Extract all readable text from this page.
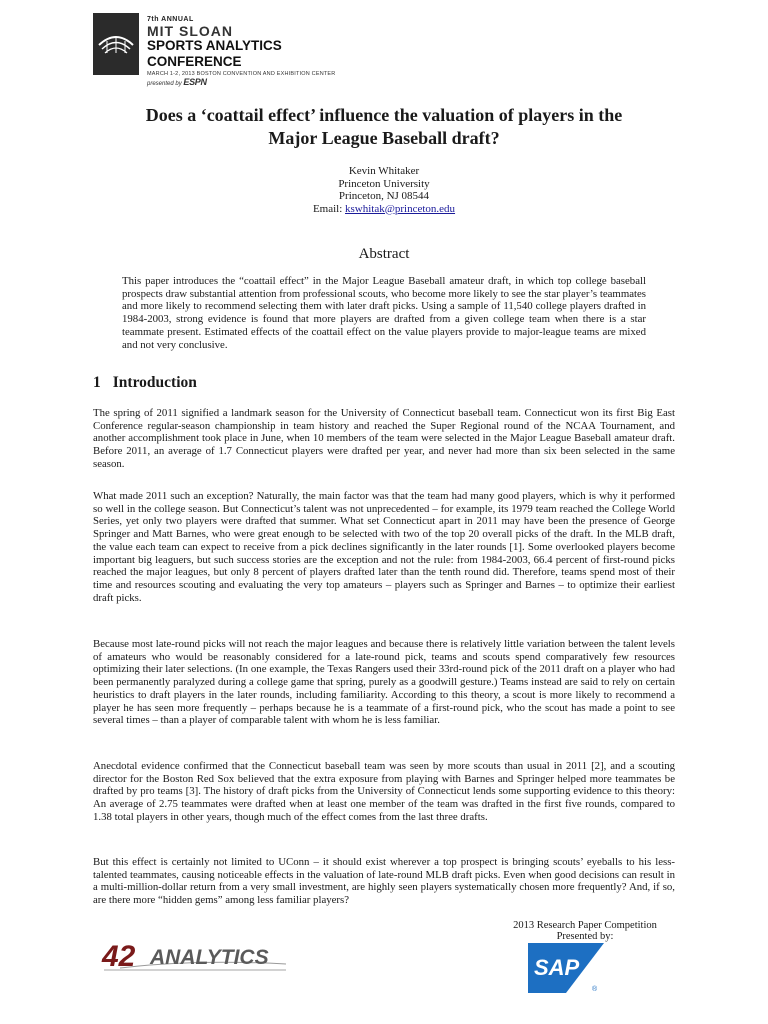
7th ANNUAL
MIT SLOAN
SPORTS ANALYTICS CONFERENCE
MARCH 1-2, 2013 BOSTON CONVENTION AND EXHIBITION CENTER
presented by ESPN
Does a ‘coattail effect’ influence the valuation of players in the
Major League Baseball draft?
Kevin Whitaker
Princeton University
Princeton, NJ 08544
Email: kswhitak@princeton.edu
Abstract

This paper introduces the “coattail effect” in the Major League Baseball amateur draft, in which top college baseball prospects draw substantial attention from professional scouts, who become more likely to see the star player’s teammates and more likely to recommend selecting them with later draft picks. Using a sample of 11,540 college players drafted in 1984-2003, strong evidence is found that more players are drafted from a given college team when there is a star teammate present. Estimated effects of the coattail effect on the value players provide to major-league teams are mixed and not very conclusive.

1 Introduction

The spring of 2011 signified a landmark season for the University of Connecticut baseball team. Connecticut won its first Big East Conference regular-season championship in team history and reached the Super Regional round of the NCAA Tournament, and another accomplishment took place in June, when 10 members of the team were selected in the Major League Baseball amateur draft. Before 2011, an average of 1.7 Connecticut players were drafted per year, and never had more than six been selected in the same season.

What made 2011 such an exception? Naturally, the main factor was that the team had many good players, which is why it performed so well in the college season. But Connecticut’s talent was not unprecedented – for example, its 1979 team reached the College World Series, yet only two players were drafted that summer. What set Connecticut apart in 2011 may have been the presence of George Springer and Matt Barnes, who were great enough to be selected with two of the top 20 overall picks of the draft. In the MLB draft, the value each team can expect to receive from a pick declines significantly in the later rounds [1]. Some overlooked players become important big leaguers, but such success stories are the exception and not the rule: from 1984-2003, 66.4 percent of first-round picks reached the major leagues, but only 8 percent of players drafted later than the tenth round did. Therefore, teams spend most of their time and resources scouting and evaluating the very top amateurs – players such as Springer and Barnes – to optimize their earliest draft picks.

Because most late-round picks will not reach the major leagues and because there is relatively little variation between the talent levels of amateurs who would be reasonably considered for a late-round pick, teams and scouts spend comparatively few resources optimizing their later selections. (In one example, the Texas Rangers used their 33rd-round pick of the 2011 draft on a player who had been permanently paralyzed during a college game that spring, purely as a goodwill gesture.) Teams instead are said to rely on certain heuristics to draft players in the later rounds, including familiarity. According to this theory, a scout is more likely to recommend a player he has seen more frequently – perhaps because he is a teammate of a first-round pick, who the scout has made a point to see several times – than a player of comparable talent with whom he is less familiar.

Anecdotal evidence confirmed that the Connecticut baseball team was seen by more scouts than usual in 2011 [2], and a scouting director for the Boston Red Sox believed that the extra exposure from playing with Barnes and Springer helped more teammates be drafted by pro teams [3]. The history of draft picks from the University of Connecticut lends some supporting evidence to this theory: An average of 2.75 teammates were drafted when at least one member of the team was drafted in the first five rounds, compared to 1.38 total players in other years, though much of the effect comes from the last three drafts.

But this effect is certainly not limited to UConn – it should exist wherever a top prospect is bringing scouts’ eyeballs to his less-talented teammates, causing noticeable effects in the valuation of late-round MLB draft picks. Even when good decisions can result in a multi-million-dollar return from a very small investment, are highly seen players systematically chosen more frequently? And, if so, are there more “hidden gems” among less familiar players?

2013 Research Paper Competition
Presented by:
42 ANALYTICS	SAP
®
